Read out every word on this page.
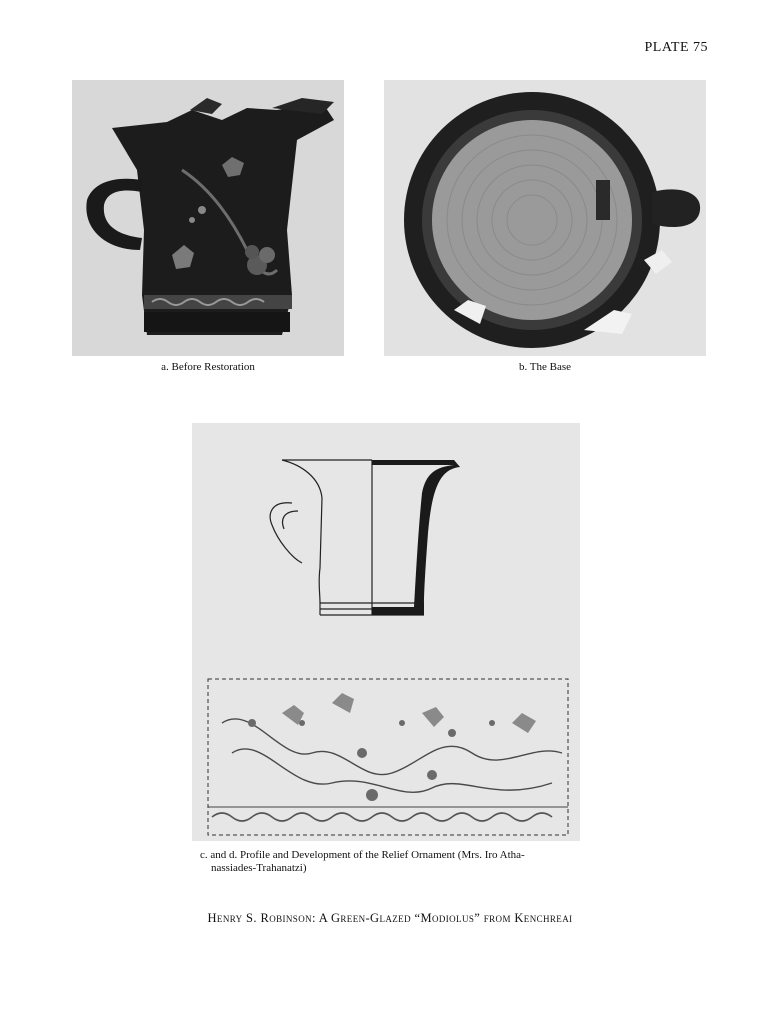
PLATE 75
a. Before Restoration	b. The Base
c. and d. Profile and Development of the Relief Ornament (Mrs. Iro Atha-
nassiades-Trahanatzi)
Henry S. Robinson: A Green-Glazed “Modiolus” from Kenchreai
